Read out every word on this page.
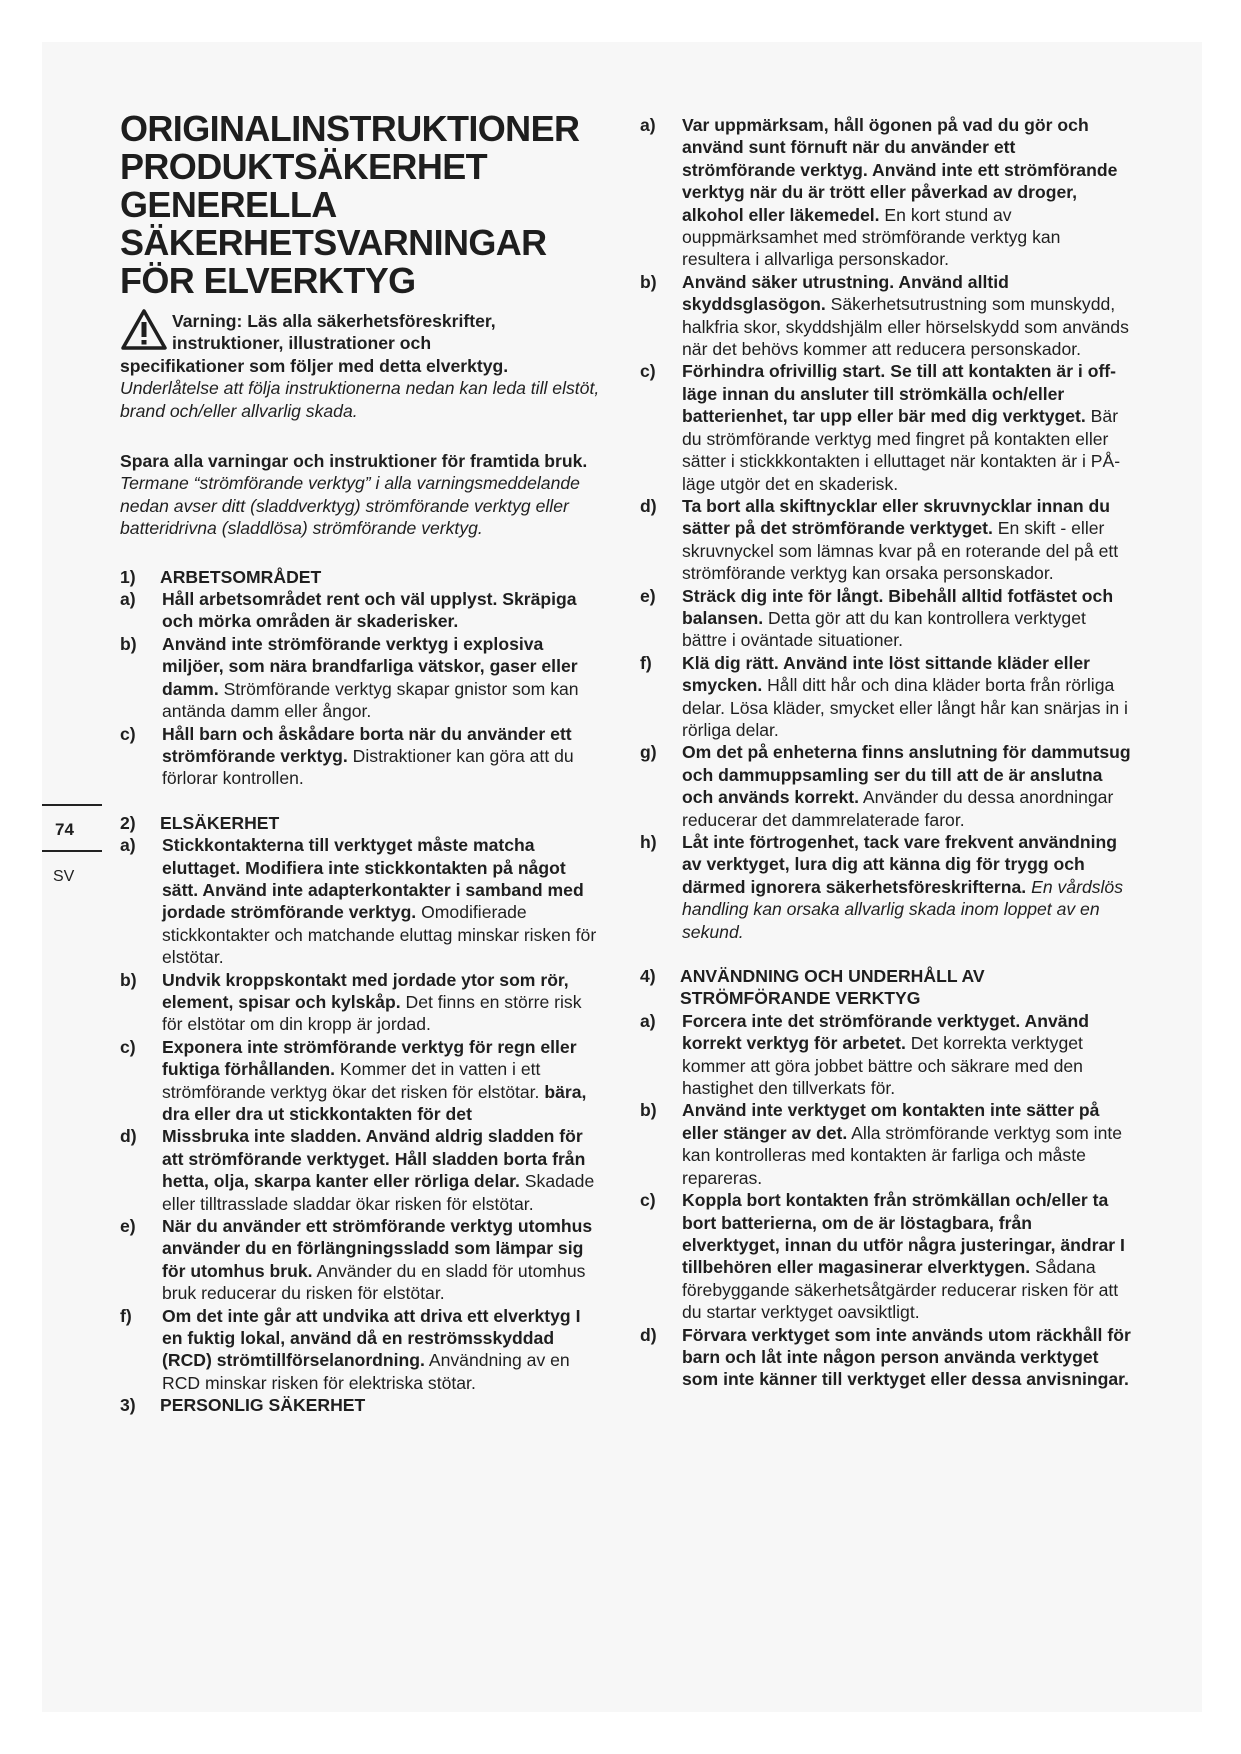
74
SV
ORIGINALINSTRUKTIONER
PRODUKTSÄKERHET
GENERELLA
SÄKERHETSVARNINGAR
FÖR ELVERKTYG
Varning: Läs alla säkerhetsföreskrifter,
instruktioner, illustrationer och
specifikationer som följer med detta elverktyg.
Underlåtelse att följa instruktionerna nedan kan leda till elstöt, brand och/eller allvarlig skada.
Spara alla varningar och instruktioner för framtida bruk.
Termane “strömförande verktyg” i alla varningsmeddelande nedan avser ditt (sladdverktyg) strömförande verktyg eller batteridrivna (sladdlösa) strömförande verktyg.
1) ARBETSOMRÅDET
a) Håll arbetsområdet rent och väl upplyst. Skräpiga och mörka områden är skaderisker.
b) Använd inte strömförande verktyg i explosiva miljöer, som nära brandfarliga vätskor, gaser eller damm. Strömförande verktyg skapar gnistor som kan antända damm eller ångor.
c) Håll barn och åskådare borta när du använder ett strömförande verktyg. Distraktioner kan göra att du förlorar kontrollen.
2) ELSÄKERHET
a) Stickkontakterna till verktyget måste matcha eluttaget. Modifiera inte stickkontakten på något sätt. Använd inte adapterkontakter i samband med jordade strömförande verktyg. Omodifierade stickkontakter och matchande eluttag minskar risken för elstötar.
b) Undvik kroppskontakt med jordade ytor som rör, element, spisar och kylskåp. Det finns en större risk för elstötar om din kropp är jordad.
c) Exponera inte strömförande verktyg för regn eller fuktiga förhållanden. Kommer det in vatten i ett strömförande verktyg ökar det risken för elstötar. bära, dra eller dra ut stickkontakten för det
d) Missbruka inte sladden. Använd aldrig sladden för att strömförande verktyget. Håll sladden borta från hetta, olja, skarpa kanter eller rörliga delar. Skadade eller tilltrasslade sladdar ökar risken för elstötar.
e) När du använder ett strömförande verktyg utomhus använder du en förlängningssladd som lämpar sig för utomhus bruk. Använder du en sladd för utomhus bruk reducerar du risken för elstötar.
f) Om det inte går att undvika att driva ett elverktyg I en fuktig lokal, använd då en reströmsskyddad (RCD) strömtillförselanordning. Användning av en RCD minskar risken för elektriska stötar.
3) PERSONLIG SÄKERHET
a) Var uppmärksam, håll ögonen på vad du gör och använd sunt förnuft när du använder ett strömförande verktyg. Använd inte ett strömförande verktyg när du är trött eller påverkad av droger, alkohol eller läkemedel. En kort stund av ouppmärksamhet med strömförande verktyg kan resultera i allvarliga personskador.
b) Använd säker utrustning. Använd alltid skyddsglasögon. Säkerhetsutrustning som munskydd, halkfria skor, skyddshjälm eller hörselskydd som används när det behövs kommer att reducera personskador.
c) Förhindra ofrivillig start. Se till att kontakten är i off-läge innan du ansluter till strömkälla och/eller batterienhet, tar upp eller bär med dig verktyget. Bär du strömförande verktyg med fingret på kontakten eller sätter i stickkkontakten i elluttaget när kontakten är i PÅ-läge utgör det en skaderisk.
d) Ta bort alla skiftnycklar eller skruvnycklar innan du sätter på det strömförande verktyget. En skift - eller skruvnyckel som lämnas kvar på en roterande del på ett strömförande verktyg kan orsaka personskador.
e) Sträck dig inte för långt. Bibehåll alltid fotfästet och balansen. Detta gör att du kan kontrollera verktyget bättre i oväntade situationer.
f) Klä dig rätt. Använd inte löst sittande kläder eller smycken. Håll ditt hår och dina kläder borta från rörliga delar. Lösa kläder, smycket eller långt hår kan snärjas in i rörliga delar.
g) Om det på enheterna finns anslutning för dammutsug och dammuppsamling ser du till att de är anslutna och används korrekt. Använder du dessa anordningar reducerar det dammrelaterade faror.
h) Låt inte förtrogenhet, tack vare frekvent användning av verktyget, lura dig att känna dig för trygg och därmed ignorera säkerhetsföreskrifterna. En vårdslös handling kan orsaka allvarlig skada inom loppet av en sekund.
4) ANVÄNDNING OCH UNDERHÅLL AV STRÖMFÖRANDE VERKTYG
a) Forcera inte det strömförande verktyget. Använd korrekt verktyg för arbetet. Det korrekta verktyget kommer att göra jobbet bättre och säkrare med den hastighet den tillverkats för.
b) Använd inte verktyget om kontakten inte sätter på eller stänger av det. Alla strömförande verktyg som inte kan kontrolleras med kontakten är farliga och måste repareras.
c) Koppla bort kontakten från strömkällan och/eller ta bort batterierna, om de är löstagbara, från elverktyget, innan du utför några justeringar, ändrar I tillbehören eller magasinerar elverktygen. Sådana förebyggande säkerhetsåtgärder reducerar risken för att du startar verktyget oavsiktligt.
d) Förvara verktyget som inte används utom räckhåll för barn och låt inte någon person använda verktyget som inte känner till verktyget eller dessa anvisningar.
